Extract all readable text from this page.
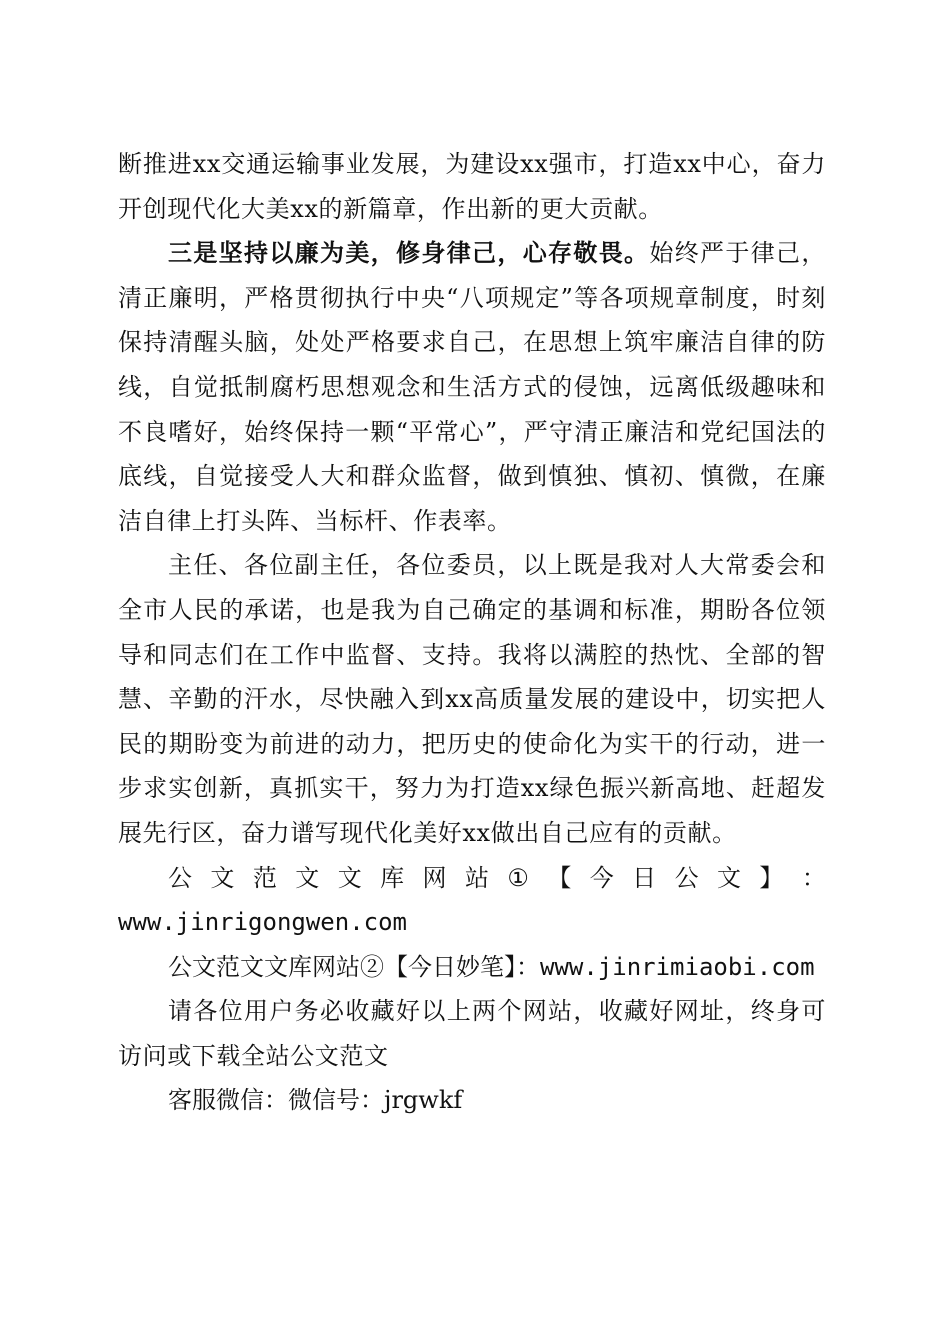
断推进xx交通运输事业发展，为建设xx强市，打造xx中心，奋力开创现代化大美xx的新篇章，作出新的更大贡献。

三是坚持以廉为美，修身律己，心存敬畏。始终严于律己，清正廉明，严格贯彻执行中央“八项规定”等各项规章制度，时刻保持清醒头脑，处处严格要求自己，在思想上筑牢廉洁自律的防线，自觉抵制腐朽思想观念和生活方式的侵蚀，远离低级趣味和不良嗜好，始终保持一颗“平常心”，严守清正廉洁和党纪国法的底线，自觉接受人大和群众监督，做到慎独、慎初、慎微，在廉洁自律上打头阵、当标杆、作表率。

主任、各位副主任，各位委员，以上既是我对人大常委会和全市人民的承诺，也是我为自己确定的基调和标准，期盼各位领导和同志们在工作中监督、支持。我将以满腔的热忱、全部的智慧、辛勤的汗水，尽快融入到xx高质量发展的建设中，切实把人民的期盼变为前进的动力，把历史的使命化为实干的行动，进一步求实创新，真抓实干，努力为打造xx绿色振兴新高地、赶超发展先行区，奋力谱写现代化美好xx做出自己应有的贡献。

公 文 范 文 文 库 网 站 ① 【 今 日 公 文 】 ：

www.jinrigongwen.com

公文范文文库网站②【今日妙笔】：www.jinrimiaobi.com

请各位用户务必收藏好以上两个网站，收藏好网址，终身可访问或下载全站公文范文

客服微信：微信号：jrgwkf
